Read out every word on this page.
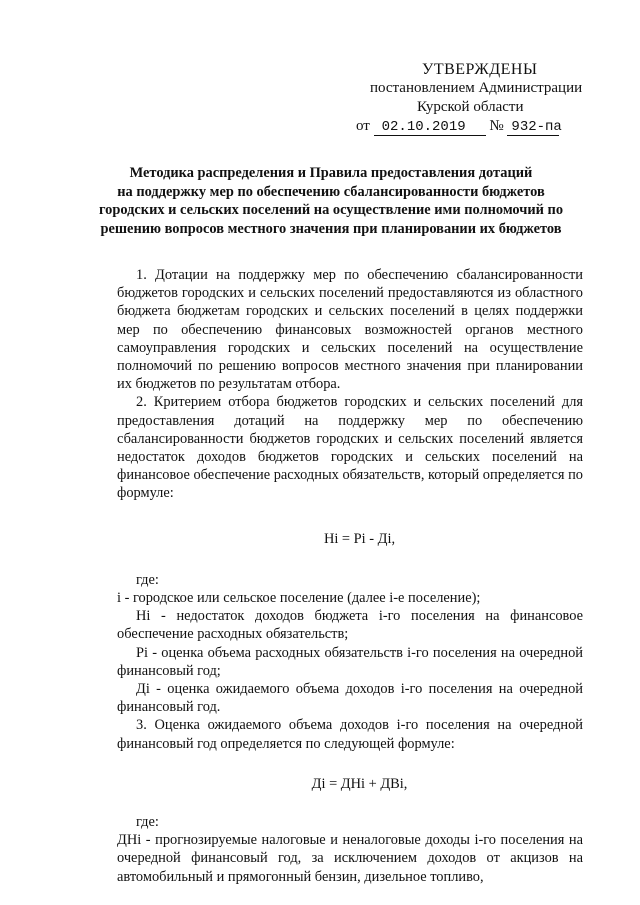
УТВЕРЖДЕНЫ
постановлением Администрации
Курской области
от 02.10.2019 № 932-па
Методика распределения и Правила предоставления дотаций
на поддержку мер по обеспечению сбалансированности бюджетов
городских и сельских поселений на осуществление ими полномочий по
решению вопросов местного значения при планировании их бюджетов

1. Дотации на поддержку мер по обеспечению сбалансированности бюджетов городских и сельских поселений предоставляются из областного бюджета бюджетам городских и сельских поселений в целях поддержки мер по обеспечению финансовых возможностей органов местного самоуправления городских и сельских поселений на осуществление полномочий по решению вопросов местного значения при планировании их бюджетов по результатам отбора.

2. Критерием отбора бюджетов городских и сельских поселений для предоставления дотаций на поддержку мер по обеспечению сбалансированности бюджетов городских и сельских поселений является недостаток доходов бюджетов городских и сельских поселений на финансовое обеспечение расходных обязательств, который определяется по формуле:

Нi = Рi - Дi,

где:

i - городское или сельское поселение (далее i-е поселение);

Нi - недостаток доходов бюджета i-го поселения на финансовое обеспечение расходных обязательств;

Рi - оценка объема расходных обязательств i-го поселения на очередной финансовый год;

Дi - оценка ожидаемого объема доходов i-го поселения на очередной финансовый год.

3. Оценка ожидаемого объема доходов i-го поселения на очередной финансовый год определяется по следующей формуле:

Дi = ДНi + ДВi,

где:

ДНi - прогнозируемые налоговые и неналоговые доходы i-го поселения на очередной финансовый год, за исключением доходов от акцизов на автомобильный и прямогонный бензин, дизельное топливо,
